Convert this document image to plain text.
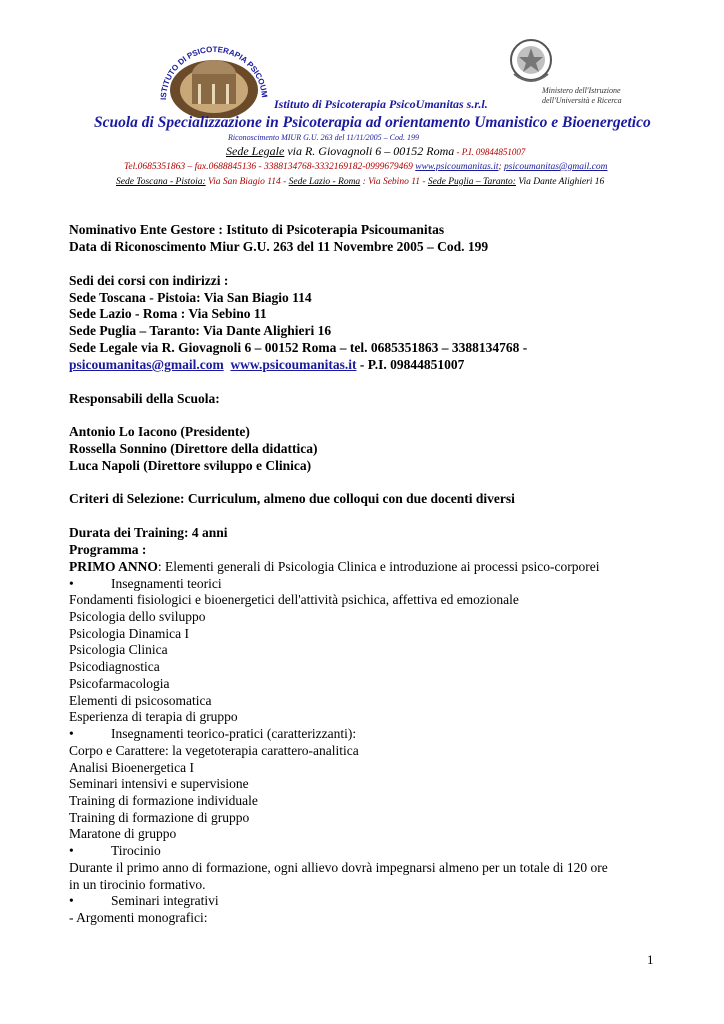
ISTITUTO DI PSICOTERAPIA PSICOUM	Ministero dell'Istruzione
dell'Università e Ricerca
Istituto di Psicoterapia PsicoUmanitas s.r.l.
Scuola di Specializzazione in Psicoterapia ad orientamento Umanistico e Bioenergetico
Riconoscimento MIUR G.U. 263 del 11/11/2005 – Cod. 199
Sede Legale via R. Giovagnoli 6 – 00152 Roma - P.I. 09844851007
Tel.0685351863 – fax.0688845136 - 3388134768-3332169182-0999679469 www.psicoumanitas.it; psicoumanitas@gmail.com
Sede Toscana - Pistoia: Via San Biagio 114 - Sede Lazio - Roma : Via Sebino 11 - Sede Puglia – Taranto: Via Dante Alighieri 16
Nominativo Ente Gestore : Istituto di Psicoterapia Psicoumanitas
Data di Riconoscimento Miur G.U. 263 del 11 Novembre 2005 – Cod. 199
Sedi dei corsi con indirizzi :
Sede Toscana - Pistoia: Via San Biagio 114
Sede Lazio - Roma : Via Sebino 11
Sede Puglia – Taranto: Via Dante Alighieri 16
Sede Legale via R. Giovagnoli 6 – 00152 Roma – tel. 0685351863 – 3388134768 -
psicoumanitas@gmail.com www.psicoumanitas.it - P.I. 09844851007
Responsabili della Scuola:
Antonio Lo Iacono (Presidente)
Rossella Sonnino (Direttore della didattica)
Luca Napoli (Direttore sviluppo e Clinica)
Criteri di Selezione: Curriculum, almeno due colloqui con due docenti diversi
Durata dei Training: 4 anni
Programma :
PRIMO ANNO: Elementi generali di Psicologia Clinica e introduzione ai processi psico-corporei
•	Insegnamenti teorici
Fondamenti fisiologici e bioenergetici dell'attività psichica, affettiva ed emozionale
Psicologia dello sviluppo
Psicologia Dinamica I
Psicologia Clinica
Psicodiagnostica
Psicofarmacologia
Elementi di psicosomatica
Esperienza di terapia di gruppo
•	Insegnamenti teorico-pratici (caratterizzanti):
Corpo e Carattere: la vegetoterapia carattero-analitica
Analisi Bioenergetica I
Seminari intensivi e supervisione
Training di formazione individuale
Training di formazione di gruppo
Maratone di gruppo
•	Tirocinio
Durante il primo anno di formazione, ogni allievo dovrà impegnarsi almeno per un totale di 120 ore
in un tirocinio formativo.
•	Seminari integrativi
- Argomenti monografici:
1
